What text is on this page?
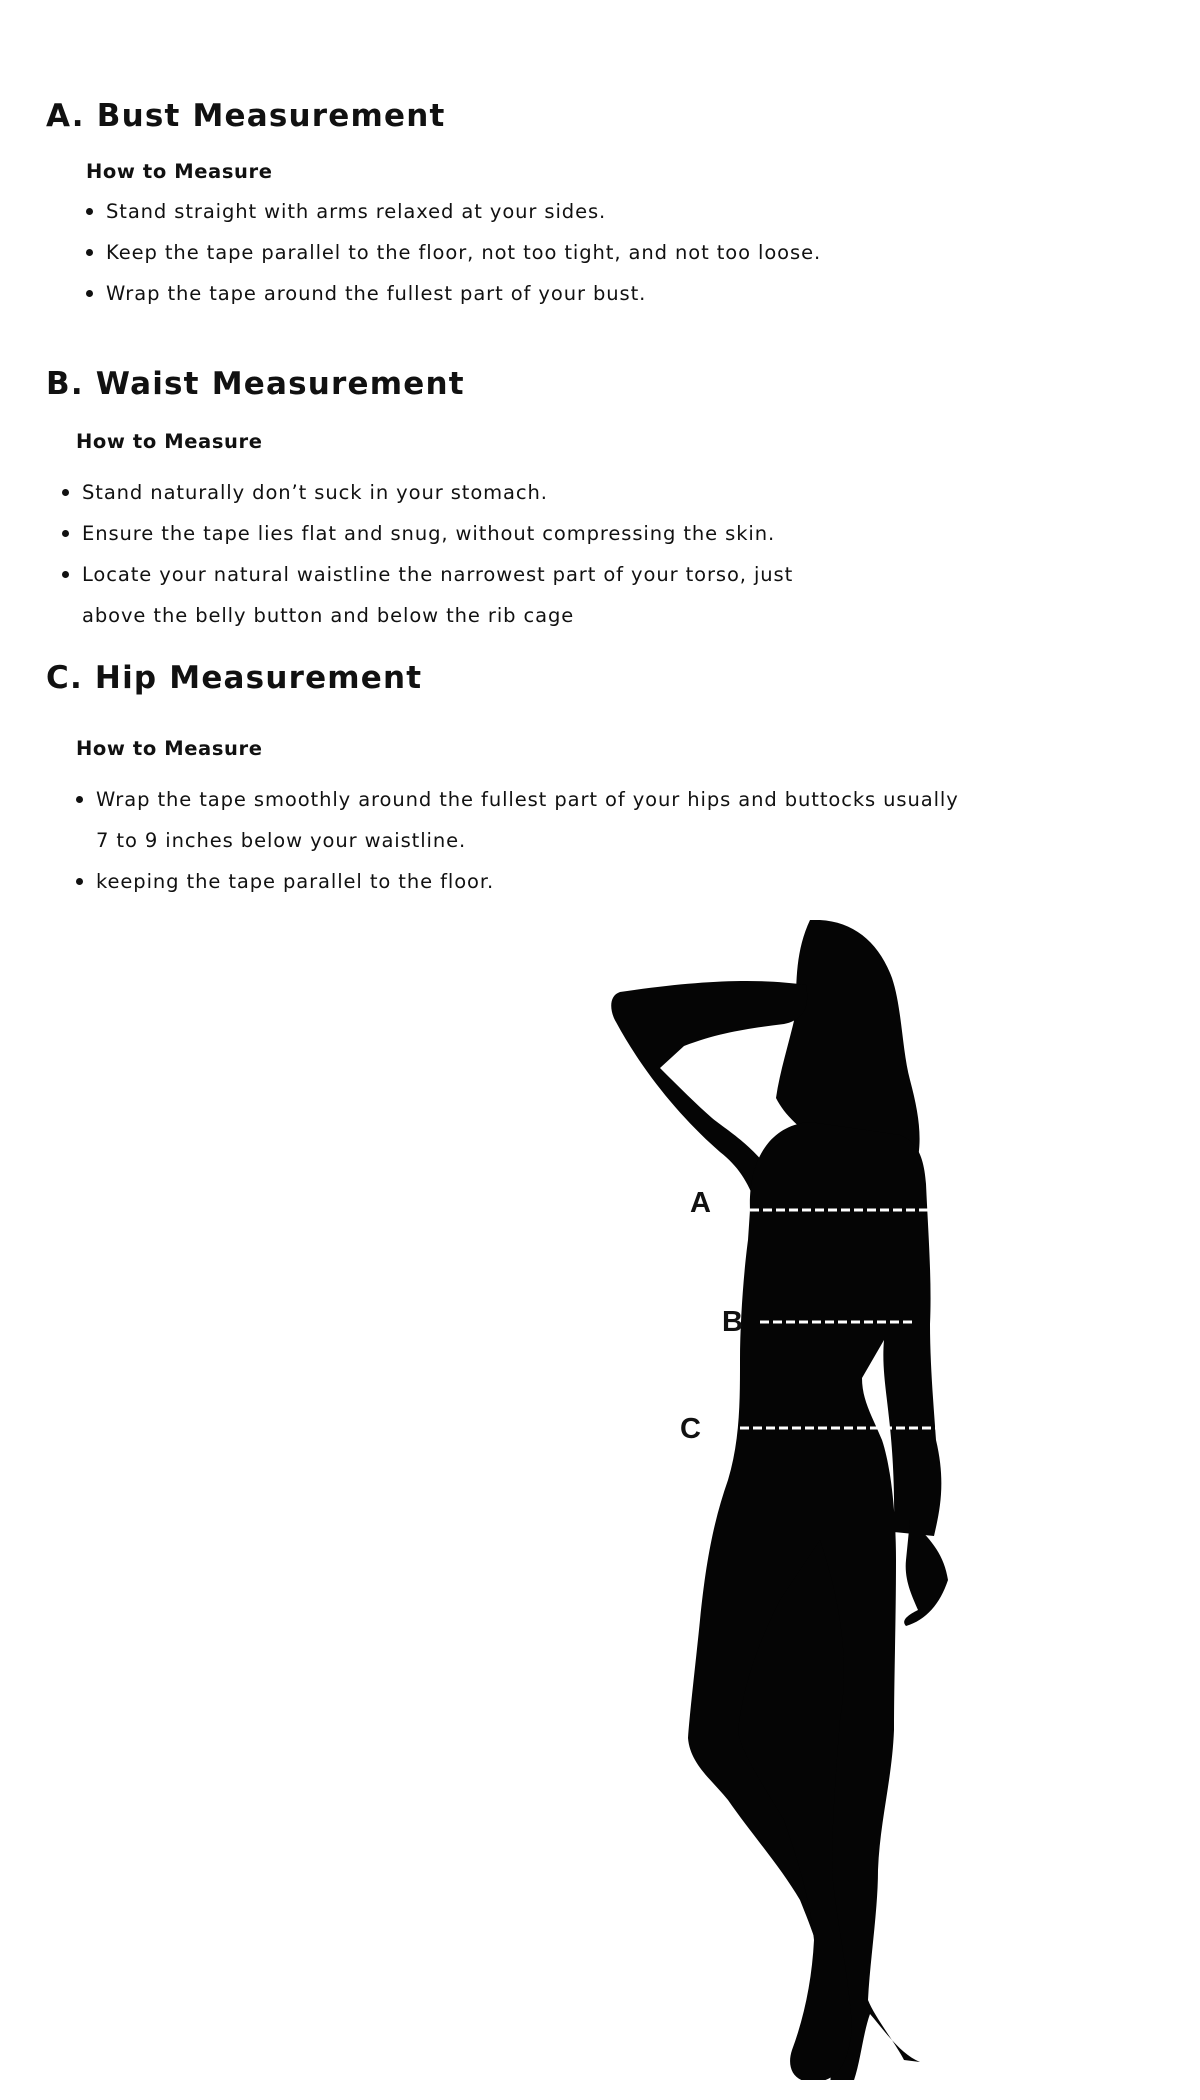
A. Bust Measurement
How to Measure
Stand straight with arms relaxed at your sides.
Keep the tape parallel to the floor, not too tight, and not too loose.
Wrap the tape around the fullest part of your bust.
B. Waist Measurement
How to Measure
Stand naturally don’t suck in your stomach.
Ensure the tape lies flat and snug, without compressing the skin.
Locate your natural waistline the narrowest part of your torso, just above the belly button and below the rib cage
C. Hip Measurement
How to Measure
Wrap the tape smoothly around the fullest part of your hips and buttocks usually 7 to 9 inches below your waistline.
keeping the tape parallel to the floor.
A
B
C
